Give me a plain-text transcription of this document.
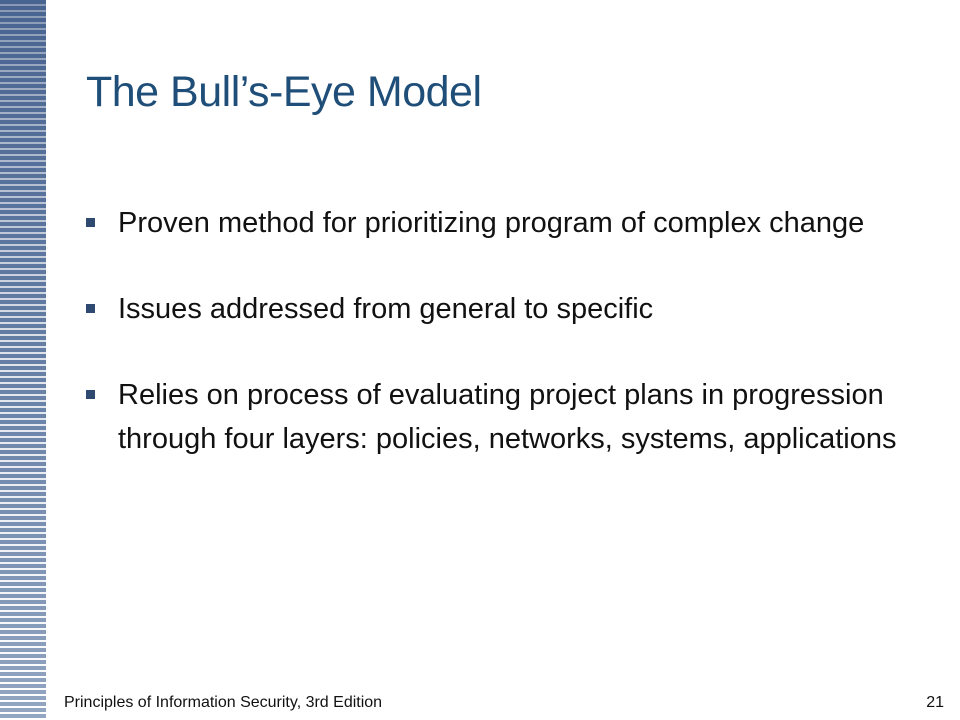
The Bull’s-Eye Model
Proven method for prioritizing program of complex change
Issues addressed from general to specific
Relies on process of evaluating project plans in progression through four layers: policies, networks, systems, applications
Principles of Information Security, 3rd Edition	21
